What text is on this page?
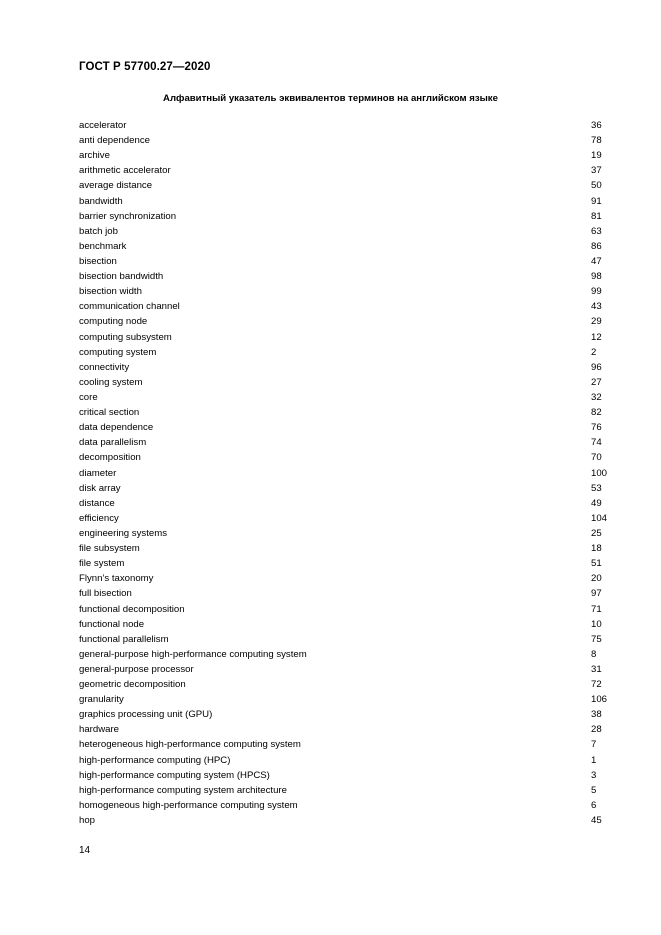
ГОСТ Р 57700.27—2020
Алфавитный указатель эквивалентов терминов на английском языке
accelerator	36
anti dependence	78
archive	19
arithmetic accelerator	37
average distance	50
bandwidth	91
barrier synchronization	81
batch job	63
benchmark	86
bisection	47
bisection bandwidth	98
bisection width	99
communication channel	43
computing node	29
computing subsystem	12
computing system	2
connectivity	96
cooling system	27
core	32
critical section	82
data dependence	76
data parallelism	74
decomposition	70
diameter	100
disk array	53
distance	49
efficiency	104
engineering systems	25
file subsystem	18
file system	51
Flynn’s taxonomy	20
full bisection	97
functional decomposition	71
functional node	10
functional parallelism	75
general-purpose high-performance computing system	8
general-purpose processor	31
geometric decomposition	72
granularity	106
graphics processing unit (GPU)	38
hardware	28
heterogeneous high-performance computing system	7
high-performance computing (HPC)	1
high-performance computing system (HPCS)	3
high-performance computing system architecture	5
homogeneous high-performance computing system	6
hop	45
14
